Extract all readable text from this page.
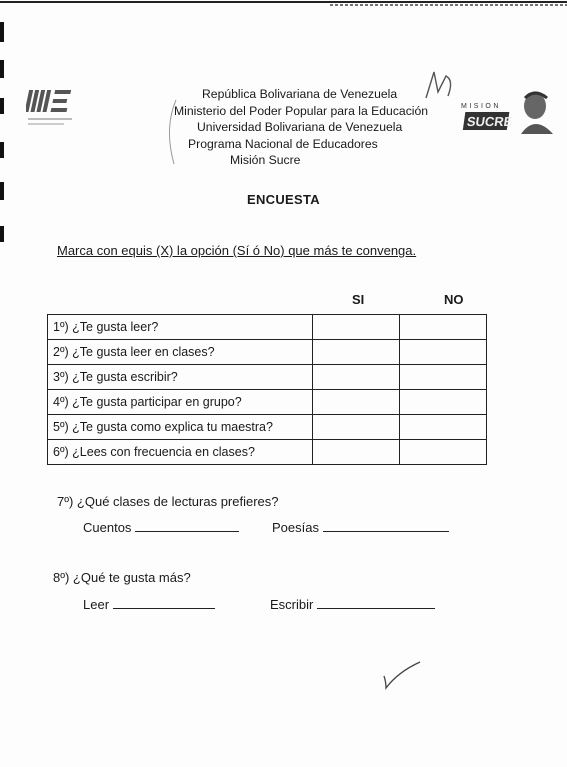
MISION
SUCRE
República Bolivariana de Venezuela
Ministerio del Poder Popular para la Educación
Universidad Bolivariana de Venezuela
Programa Nacional de Educadores
Misión Sucre
ENCUESTA
Marca con equis (X) la opción (Sí ó No) que más te convenga.
SI	NO
1º) ¿Te gusta leer?		
2º) ¿Te gusta leer en clases?		
3º) ¿Te gusta escribir?		
4º) ¿Te gusta participar en grupo?		
5º) ¿Te gusta como explica tu maestra?		
6º) ¿Lees con frecuencia en clases?		
7º) ¿Qué clases de lecturas prefieres?
Cuentos	Poesías
8º) ¿Qué te gusta más?
Leer	Escribir
